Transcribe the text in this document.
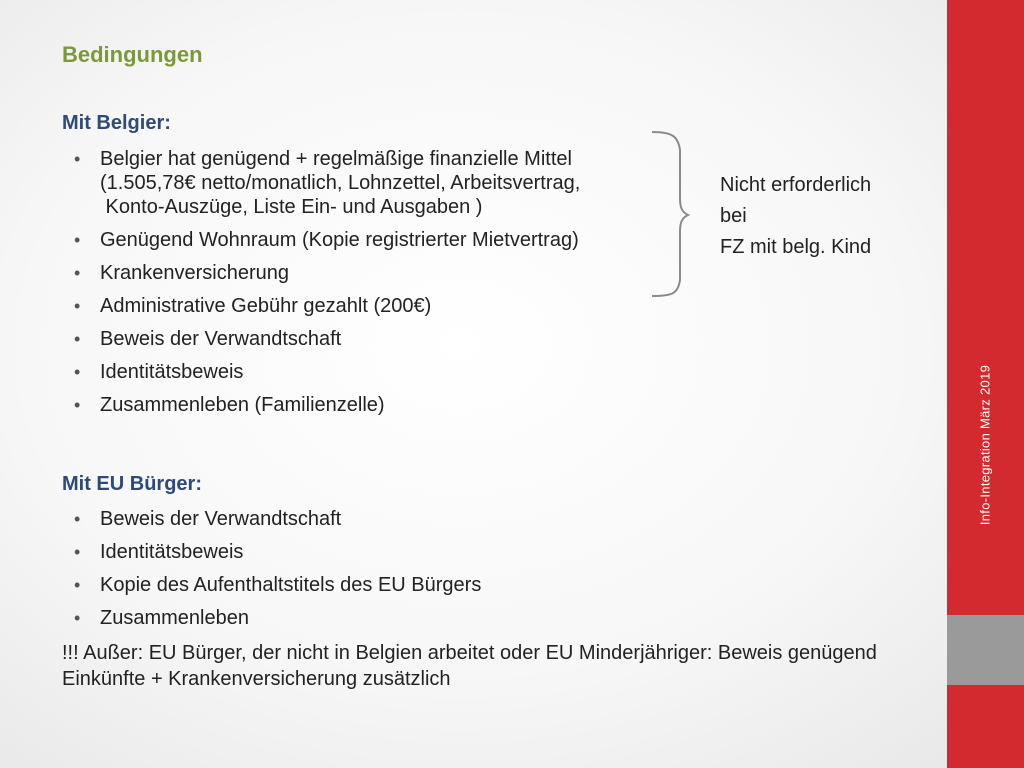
Bedingungen
Mit Belgier:
• Belgier hat genügend + regelmäßige finanzielle Mittel
(1.505,78€ netto/monatlich, Lohnzettel, Arbeitsvertrag,
Konto-Auszüge, Liste Ein- und Ausgaben )
• Genügend Wohnraum (Kopie registrierter Mietvertrag)
• Krankenversicherung
• Administrative Gebühr gezahlt (200€)
• Beweis der Verwandtschaft
• Identitätsbeweis
• Zusammenleben (Familienzelle)
Mit EU Bürger:
• Beweis der Verwandtschaft
• Identitätsbeweis
• Kopie des Aufenthaltstitels des EU Bürgers
• Zusammenleben
!!! Außer: EU Bürger, der nicht in Belgien arbeitet oder EU Minderjähriger: Beweis genügend Einkünfte + Krankenversicherung zusätzlich
Nicht erforderlich
bei
FZ mit belg. Kind
Info-Integration März 2019
